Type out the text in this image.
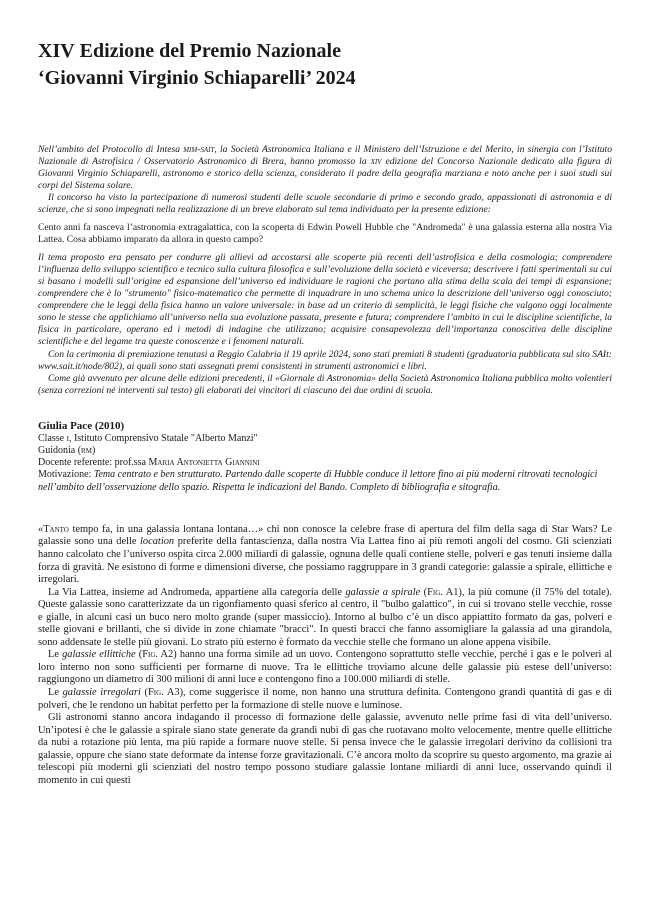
XIV Edizione del Premio Nazionale
‘Giovanni Virginio Schiaparelli’ 2024

Nell’ambito del Protocollo di Intesa mim-sait, la Società Astronomica Italiana e il Ministero dell’Istruzione e del Merito, in sinergia con l’Istituto Nazionale di Astrofisica / Osservatorio Astronomico di Brera, hanno promosso la xiv edizione del Concorso Nazionale dedicato alla figura di Giovanni Virginio Schiaparelli, astronomo e storico della scienza, considerato il padre della geografia marziana e noto anche per i suoi studi sui corpi del Sistema solare.

Il concorso ha visto la partecipazione di numerosi studenti delle scuole secondarie di primo e secondo grado, appassionati di astronomia e di scienze, che si sono impegnati nella realizzazione di un breve elaborato sul tema individuato per la presente edizione:

Cento anni fa nasceva l’astronomia extragalattica, con la scoperta di Edwin Powell Hubble che "Andromeda" è una galassia esterna alla nostra Via Lattea. Cosa abbiamo imparato da allora in questo campo?

Il tema proposto era pensato per condurre gli allievi ad accostarsi alle scoperte più recenti dell’astrofisica e della cosmologia; comprendere l’influenza dello sviluppo scientifico e tecnico sulla cultura filosofica e sull’evoluzione della società e viceversa; descrivere i fatti sperimentali su cui si basano i modelli sull’origine ed espansione dell’universo ed individuare le ragioni che portano alla stima della scala dei tempi di espansione; comprendere che è lo "strumento" fisico-matematico che permette di inquadrare in uno schema unico la descrizione dell’universo oggi conosciuto; comprendere che le leggi della fisica hanno un valore universale: in base ad un criterio di semplicità, le leggi fisiche che valgono oggi localmente sono le stesse che applichiamo all’universo nella sua evoluzione passata, presente e futura; comprendere l’ambito in cui le discipline scientifiche, la fisica in particolare, operano ed i metodi di indagine che utilizzano; acquisire consapevolezza dell’importanza conoscitiva delle discipline scientifiche e del legame tra queste conoscenze e i fenomeni naturali.

Con la cerimonia di premiazione tenutasi a Reggio Calabria il 19 aprile 2024, sono stati premiati 8 studenti (graduatoria pubblicata sul sito SAIt: www.sait.it/node/802), ai quali sono stati assegnati premi consistenti in strumenti astronomici e libri.

Come già avvenuto per alcune delle edizioni precedenti, il «Giornale di Astronomia» della Società Astronomica Italiana pubblica molto volentieri (senza correzioni né interventi sul testo) gli elaborati dei vincitori di ciascuno dei due ordini di scuola.

Giulia Pace (2010)

Classe i, Istituto Comprensivo Statale "Alberto Manzi"

Guidonia (rm)

Docente referente: prof.ssa Maria Antonietta Giannini

Motivazione: Tema centrato e ben strutturato. Partendo dalle scoperte di Hubble conduce il lettore fino ai più moderni ritrovati tecnologici nell’ambito dell’osservazione dello spazio. Rispetta le indicazioni del Bando. Completo di bibliografia e sitografia.

«Tanto tempo fa, in una galassia lontana lontana…» chi non conosce la celebre frase di apertura del film della saga di Star Wars? Le galassie sono una delle location preferite della fantascienza, dalla nostra Via Lattea fino ai più remoti angoli del cosmo. Gli scienziati hanno calcolato che l’universo ospita circa 2.000 miliardi di galassie, ognuna delle quali contiene stelle, polveri e gas tenuti insieme dalla forza di gravità. Ne esistono di forme e dimensioni diverse, che possiamo raggruppare in 3 grandi categorie: galassie a spirale, ellittiche e irregolari.

La Via Lattea, insieme ad Andromeda, appartiene alla categoria delle galassie a spirale (Fig. A1), la più comune (il 75% del totale). Queste galassie sono caratterizzate da un rigonfiamento quasi sferico al centro, il "bulbo galattico", in cui si trovano stelle vecchie, rosse e gialle, in alcuni casi un buco nero molto grande (super massiccio). Intorno al bulbo c’è un disco appiattito formato da gas, polveri e stelle giovani e brillanti, che si divide in zone chiamate "bracci". In questi bracci che fanno assomigliare la galassia ad una girandola, sono addensate le stelle più giovani. Lo strato più esterno è formato da vecchie stelle che formano un alone appena visibile.

Le galassie ellittiche (Fig. A2) hanno una forma simile ad un uovo. Contengono soprattutto stelle vecchie, perché i gas e le polveri al loro interno non sono sufficienti per formarne di nuove. Tra le ellittiche troviamo alcune delle galassie più estese dell’universo: raggiungono un diametro di 300 milioni di anni luce e contengono fino a 100.000 miliardi di stelle.

Le galassie irregolari (Fig. A3), come suggerisce il nome, non hanno una struttura definita. Contengono grandi quantità di gas e di polveri, che le rendono un habitat perfetto per la formazione di stelle nuove e luminose.

Gli astronomi stanno ancora indagando il processo di formazione delle galassie, avvenuto nelle prime fasi di vita dell’universo. Un’ipotesi è che le galassie a spirale siano state generate da grandi nubi di gas che ruotavano molto velocemente, mentre quelle ellittiche da nubi a rotazione più lenta, ma più rapide a formare nuove stelle. Si pensa invece che le galassie irregolari derivino da collisioni tra galassie, oppure che siano state deformate da intense forze gravitazionali. C’è ancora molto da scoprire su questo argomento, ma grazie ai telescopi più moderni gli scienziati del nostro tempo possono studiare galassie lontane miliardi di anni luce, osservando quindi il momento in cui questi
